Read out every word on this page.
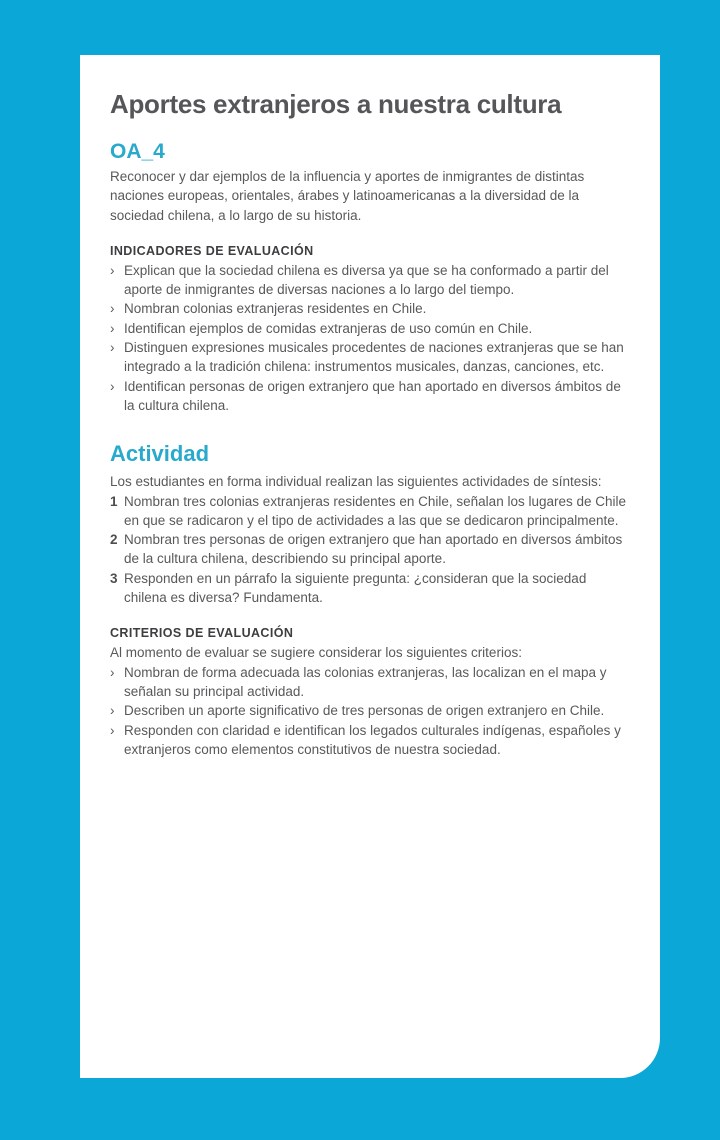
Aportes extranjeros a nuestra cultura
OA_4

Reconocer y dar ejemplos de la influencia y aportes de inmigrantes de distintas naciones europeas, orientales, árabes y latinoamericanas a la diversidad de la sociedad chilena, a lo largo de su historia.

INDICADORES DE EVALUACIÓN
› Explican que la sociedad chilena es diversa ya que se ha conformado a partir del aporte de inmigrantes de diversas naciones a lo largo del tiempo.
› Nombran colonias extranjeras residentes en Chile.
› Identifican ejemplos de comidas extranjeras de uso común en Chile.
› Distinguen expresiones musicales procedentes de naciones extranjeras que se han integrado a la tradición chilena: instrumentos musicales, danzas, canciones, etc.
› Identifican personas de origen extranjero que han aportado en diversos ámbitos de la cultura chilena.
Actividad

Los estudiantes en forma individual realizan las siguientes actividades de síntesis:

1 Nombran tres colonias extranjeras residentes en Chile, señalan los lugares de Chile en que se radicaron y el tipo de actividades a las que se dedicaron principalmente.
2 Nombran tres personas de origen extranjero que han aportado en diversos ámbitos de la cultura chilena, describiendo su principal aporte.
3 Responden en un párrafo la siguiente pregunta: ¿consideran que la sociedad chilena es diversa? Fundamenta.
CRITERIOS DE EVALUACIÓN

Al momento de evaluar se sugiere considerar los siguientes criterios:

› Nombran de forma adecuada las colonias extranjeras, las localizan en el mapa y señalan su principal actividad.
› Describen un aporte significativo de tres personas de origen extranjero en Chile.
› Responden con claridad e identifican los legados culturales indígenas, españoles y extranjeros como elementos constitutivos de nuestra sociedad.
